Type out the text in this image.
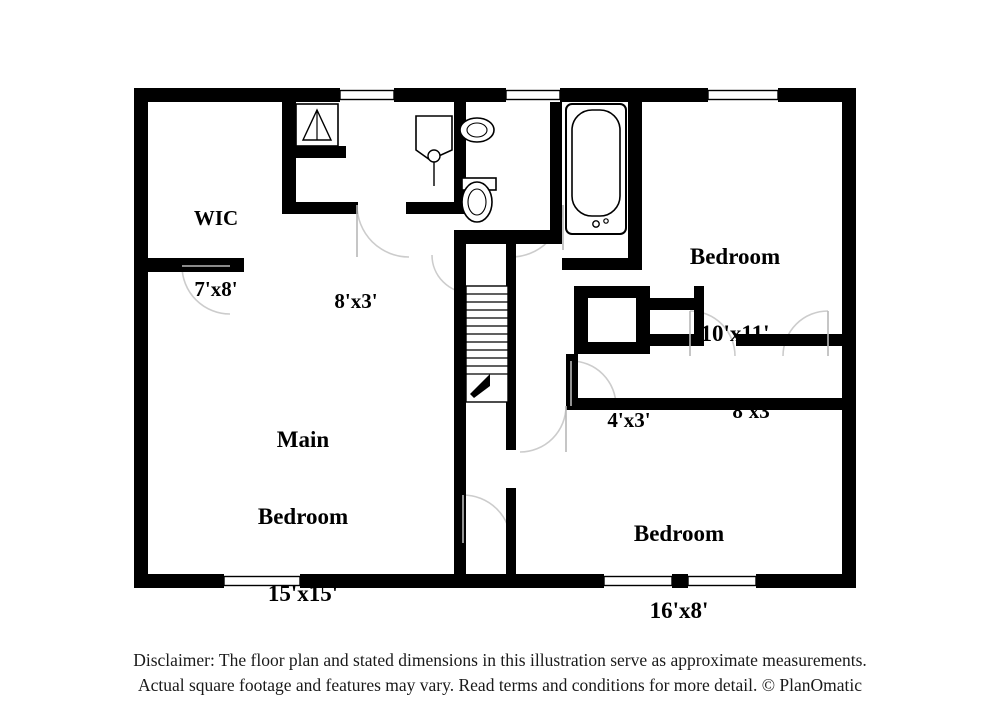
WIC

7'x8'

Main

Bedroom

15'x15'

8'x3'

Bedroom

10'x11'

4'x3'

	8'x3'

Bedroom

16'x8'

Disclaimer: The floor plan and stated dimensions in this illustration serve as approximate measurements.
Actual square footage and features may vary. Read terms and conditions for more detail. © PlanOmatic
